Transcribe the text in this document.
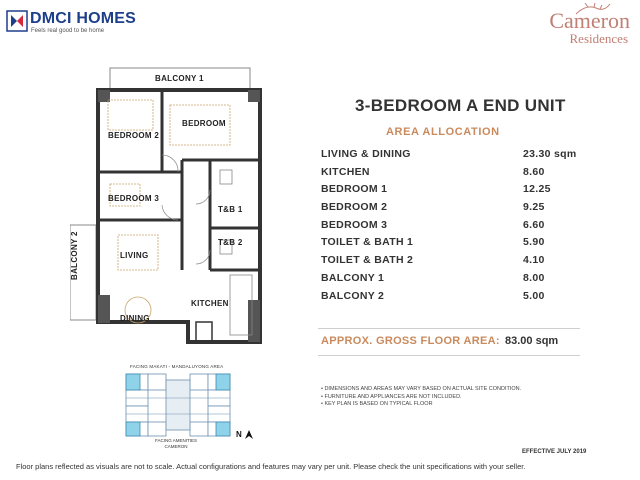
DMCI HOMES
Feels real good to be home	Cameron
Residences
BALCONY 1
BEDROOM
BEDROOM 2
BEDROOM 3
T&B 1
T&B 2
LIVING
DINING
KITCHEN
BALCONY 2
3-BEDROOM A END UNIT
AREA ALLOCATION
LIVING & DINING	23.30 sqm
KITCHEN	8.60
BEDROOM 1	12.25
BEDROOM 2	9.25
BEDROOM 3	6.60
TOILET & BATH 1	5.90
TOILET & BATH 2	4.10
BALCONY 1	8.00
BALCONY 2	5.00
APPROX. GROSS FLOOR AREA: 83.00 sqm
• DIMENSIONS AND AREAS MAY VARY BASED ON ACTUAL SITE CONDITION.
• FURNITURE AND APPLIANCES ARE NOT INCLUDED.
• KEY PLAN IS BASED ON TYPICAL FLOOR
FACING MAKATI - MANDALUYONG AREA
FACING AMENITIES
CAMERON
N
EFFECTIVE JULY 2019
Floor plans reflected as visuals are not to scale. Actual configurations and features may vary per unit. Please check the unit specifications with your seller.
